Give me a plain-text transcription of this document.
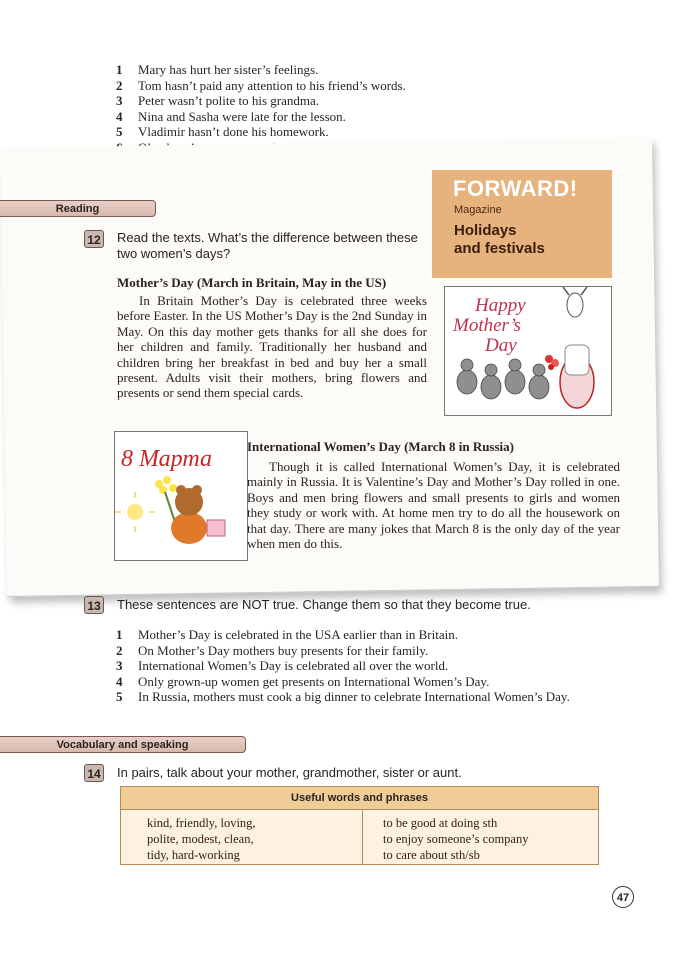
1	Mary has hurt her sister’s feelings.
2	Tom hasn’t paid any attention to his friend’s words.
3	Peter wasn’t polite to his grandma.
4	Nina and Sasha were late for the lesson.
5	Vladimir hasn’t done his homework.
Reading
FORWARD!
Magazine
Holidays
and festivals
12 Read the texts. What’s the difference between these two women’s days?
Mother’s Day (March in Britain, May in the US)

In Britain Mother’s Day is celebrated three weeks before Easter. In the US Mother’s Day is the 2nd Sunday in May. On this day mother gets thanks for all she does for her children and family. Traditionally her husband and children bring her breakfast in bed and buy her a small present. Adults visit their mothers, bring flowers and presents or send them special cards.

Happy
Mother’s
Day
8 Марта	International Women’s Day (March 8 in Russia)

Though it is called International Women’s Day, it is celebrated mainly in Russia. It is Valentine’s Day and Mother’s Day rolled in one. Boys and men bring flowers and small presents to girls and women they study or work with. At home men try to do all the housework on that day. There are many jokes that March 8 is the only day of the year when men do this.

13 These sentences are NOT true. Change them so that they become true.
1	Mother’s Day is celebrated in the USA earlier than in Britain.
2	On Mother’s Day mothers buy presents for their family.
3	International Women’s Day is celebrated all over the world.
4	Only grown-up women get presents on International Women’s Day.
5	In Russia, mothers must cook a big dinner to celebrate International Women’s Day.
Vocabulary and speaking
14 In pairs, talk about your mother, grandmother, sister or aunt.
Useful words and phrases
kind, friendly, loving,
polite, modest, clean,
tidy, hard-working
to be good at doing sth
to enjoy someone’s company
to care about sth/sb
47
